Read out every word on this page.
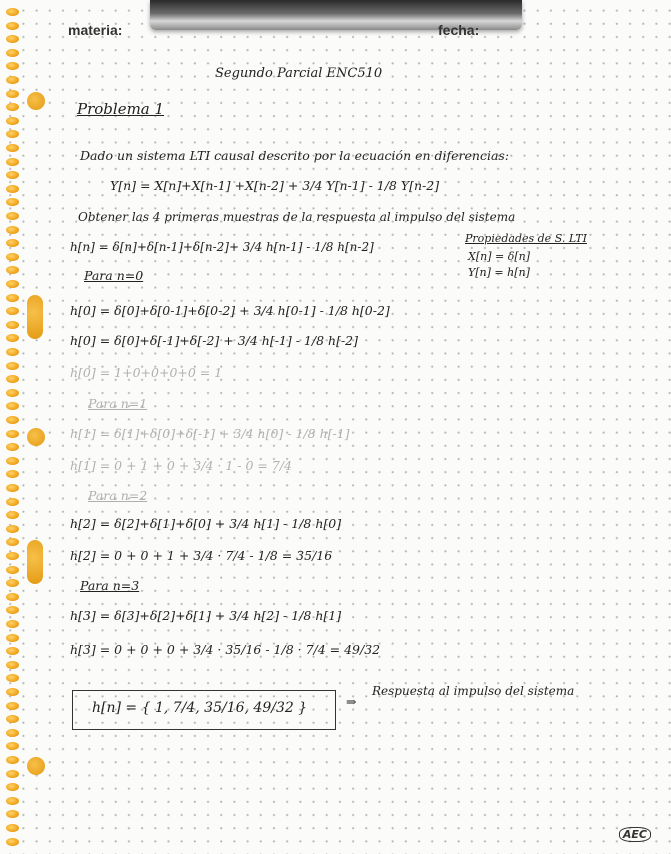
materia:	fecha:
Segundo Parcial ENC510
Problema 1
Dado un sistema LTI causal descrito por la ecuación en diferencias:
Y[n] = X[n]+X[n-1] +X[n-2] + 3/4 Y[n-1] - 1/8 Y[n-2]
Obtener las 4 primeras muestras de la respuesta al impulso del sistema
h[n] = δ[n]+δ[n-1]+δ[n-2]+ 3/4 h[n-1] - 1/8 h[n-2]
Propiedades de S. LTI
X[n] = δ[n]
Y[n] = h[n]
Para n=0
h[0] = δ[0]+δ[0-1]+δ[0-2] + 3/4 h[0-1] - 1/8 h[0-2]
h[0] = δ[0]+δ[-1]+δ[-2] + 3/4 h[-1] - 1/8 h[-2]
h[0] = 1+0+0+0+0 = 1
Para n=1
h[1] = δ[1]+δ[0]+δ[-1] + 3/4 h[0] - 1/8 h[-1]
h[1] = 0 + 1 + 0 + 3/4 · 1 - 0 = 7/4
Para n=2
h[2] = δ[2]+δ[1]+δ[0] + 3/4 h[1] - 1/8 h[0]
h[2] = 0 + 0 + 1 + 3/4 · 7/4 - 1/8 = 35/16
Para n=3
h[3] = δ[3]+δ[2]+δ[1] + 3/4 h[2] - 1/8 h[1]
h[3] = 0 + 0 + 0 + 3/4 · 35/16 - 1/8 · 7/4 = 49/32
h[n] = { 1, 7/4, 35/16, 49/32 }	⇒
Respuesta al impulso del sistema
AEC
